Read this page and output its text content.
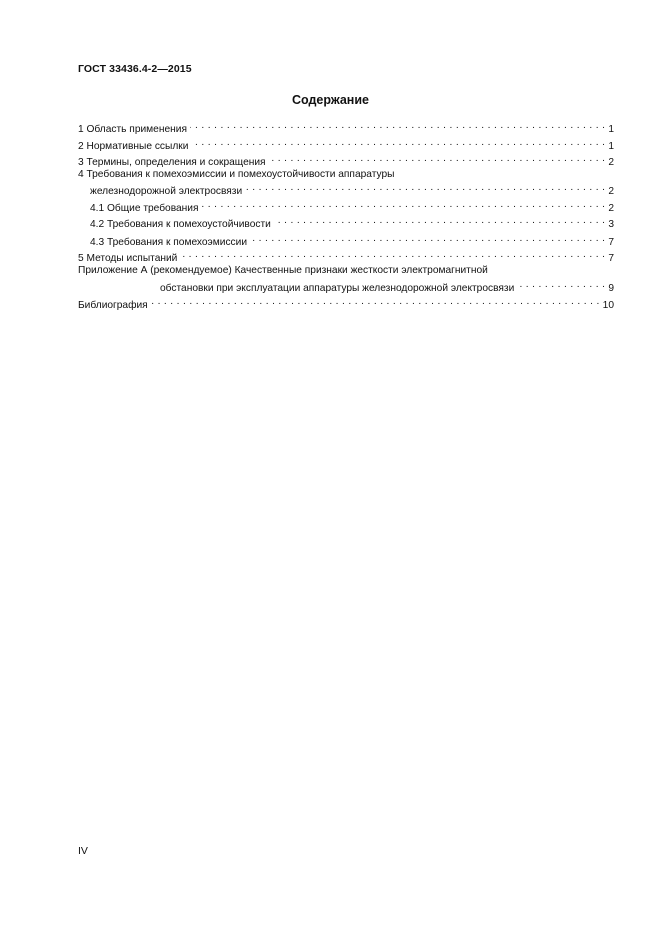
ГОСТ 33436.4-2—2015
Содержание
1 Область применения . . .	1
2 Нормативные ссылки . . .	1
3 Термины, определения и сокращения . . .	2
4 Требования к помехоэмиссии и помехоустойчивости аппаратуры
железнодорожной электросвязи . . .	2
4.1 Общие требования . . .	2
4.2 Требования к помехоустойчивости . . .	3
4.3 Требования к помехоэмиссии . . .	7
5 Методы испытаний . . .	7
Приложение А (рекомендуемое) Качественные признаки жесткости электромагнитной
обстановки при эксплуатации аппаратуры железнодорожной электросвязи . . .	9
Библиография . . .	10
IV
